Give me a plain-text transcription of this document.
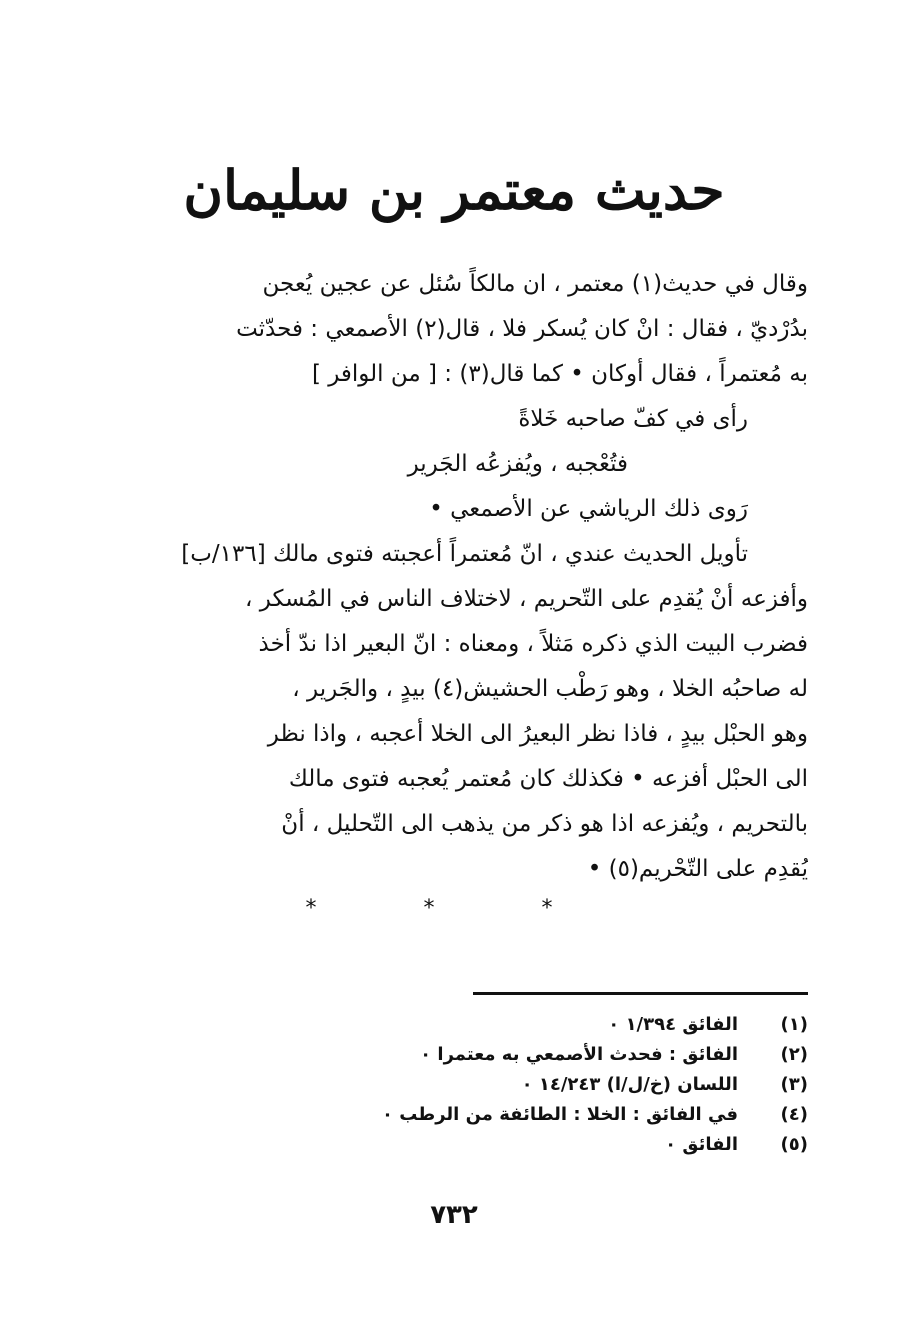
حديث معتمر بن سليمان
وقال في حديث(١) معتمر ، ان مالكاً سُئل عن عجين يُعجن
بدُرْديّ ، فقال : انْ كان يُسكر فلا ، قال(٢) الأصمعي : فحدّثت
به مُعتمراً ، فقال أوكان • كما قال(٣) : [ من الوافر ]
رأى في كفّ صاحبه خَلاةً
فتُعْجبه ، ويُفزعُه الجَرير
رَوى ذلك الرياشي عن الأصمعي •
تأويل الحديث عندي ، انّ مُعتمراً أعجبته فتوى مالك [١٣٦/ب]
وأفزعه أنْ يُقدِم على التّحريم ، لاختلاف الناس في المُسكر ،
فضرب البيت الذي ذكره مَثلاً ، ومعناه : انّ البعير اذا ندّ أخذ
له صاحبُه الخلا ، وهو رَطْب الحشيش(٤) بيدٍ ، والجَرير ،
وهو الحبْل بيدٍ ، فاذا نظر البعيرُ الى الخلا أعجبه ، واذا نظر
الى الحبْل أفزعه • فكذلك كان مُعتمر يُعجبه فتوى مالك
بالتحريم ، ويُفزعه اذا هو ذكر من يذهب الى التّحليل ، أنْ
يُقدِم على التّحْريم(٥) •
* * *
(١)
الفائق ١/٣٩٤ ٠
(٢)
الفائق : فحدث الأصمعي به معتمرا ٠
(٣)
اللسان (خ/ل/ا) ١٤/٢٤٣ ٠
(٤)
في الفائق : الخلا : الطائفة من الرطب ٠
(٥)
الفائق ٠
٧٣٢
